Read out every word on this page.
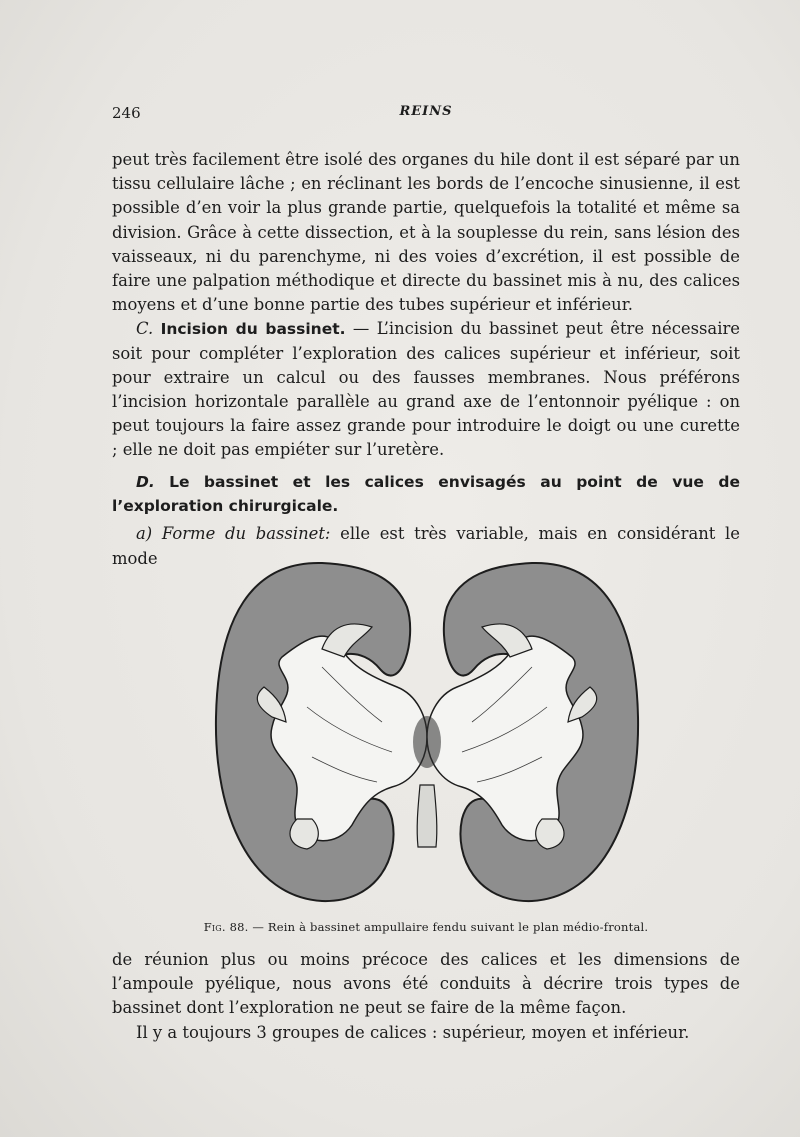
246	REINS

peut très facilement être isolé des organes du hile dont il est séparé par un tissu cellulaire lâche ; en réclinant les bords de l’encoche sinusienne, il est possible d’en voir la plus grande partie, quelquefois la totalité et même sa division. Grâce à cette dissection, et à la souplesse du rein, sans lésion des vaisseaux, ni du parenchyme, ni des voies d’excrétion, il est possible de faire une palpation méthodique et directe du bassinet mis à nu, des calices moyens et d’une bonne partie des tubes supérieur et inférieur.

C. Incision du bassinet. — L’incision du bassinet peut être nécessaire soit pour compléter l’exploration des calices supérieur et inférieur, soit pour extraire un calcul ou des fausses membranes. Nous préférons l’incision horizontale parallèle au grand axe de l’entonnoir pyélique : on peut toujours la faire assez grande pour introduire le doigt ou une curette ; elle ne doit pas empiéter sur l’uretère.

D. Le bassinet et les calices envisagés au point de vue de l’exploration chirurgicale.

a) Forme du bassinet: elle est très variable, mais en considérant le mode

Fig. 88. — Rein à bassinet ampullaire fendu suivant le plan médio-frontal.

de réunion plus ou moins précoce des calices et les dimensions de l’ampoule pyélique, nous avons été conduits à décrire trois types de bassinet dont l’exploration ne peut se faire de la même façon.

Il y a toujours 3 groupes de calices : supérieur, moyen et inférieur.
